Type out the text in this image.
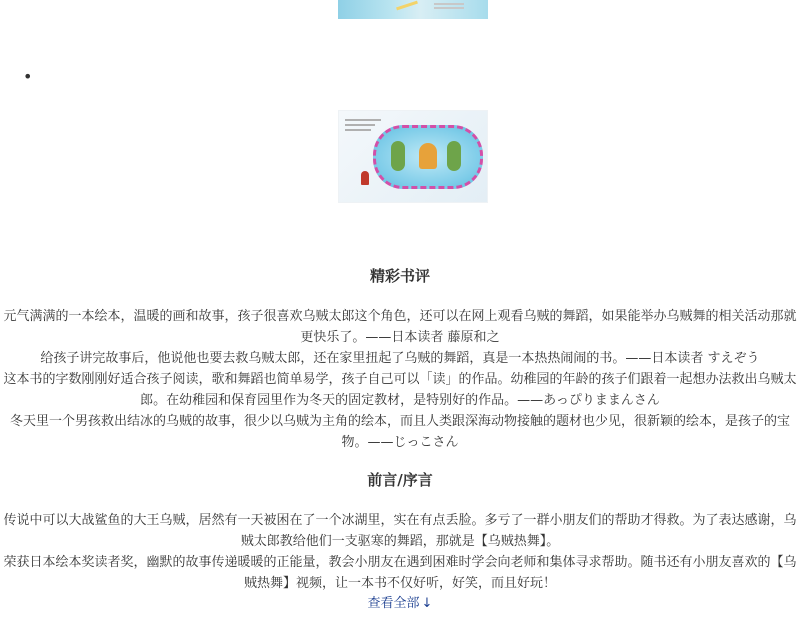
•
精彩书评
元气满满的一本绘本，温暖的画和故事，孩子很喜欢乌贼太郎这个角色，还可以在网上观看乌贼的舞蹈，如果能举办乌贼舞的相关活动那就更快乐了。——日本读者 藤原和之
给孩子讲完故事后，他说他也要去救乌贼太郎，还在家里扭起了乌贼的舞蹈，真是一本热热闹闹的书。——日本读者 すえぞう
这本书的字数刚刚好适合孩子阅读，歌和舞蹈也简单易学，孩子自己可以「读」的作品。幼稚园的年龄的孩子们跟着一起想办法救出乌贼太郎。在幼稚园和保育园里作为冬天的固定教材，是特别好的作品。——あっぴりままんさん
冬天里一个男孩救出结冰的乌贼的故事，很少以乌贼为主角的绘本，而且人类跟深海动物接触的题材也少见，很新颖的绘本，是孩子的宝物。——じっこさん
前言/序言
传说中可以大战鲨鱼的大王乌贼，居然有一天被困在了一个冰湖里，实在有点丢脸。多亏了一群小朋友们的帮助才得救。为了表达感谢，乌贼太郎教给他们一支驱寒的舞蹈，那就是【乌贼热舞】。
荣获日本绘本奖读者奖，幽默的故事传递暖暖的正能量，教会小朋友在遇到困难时学会向老师和集体寻求帮助。随书还有小朋友喜欢的【乌贼热舞】视频，让一本书不仅好听，好笑，而且好玩！
查看全部 ↓
